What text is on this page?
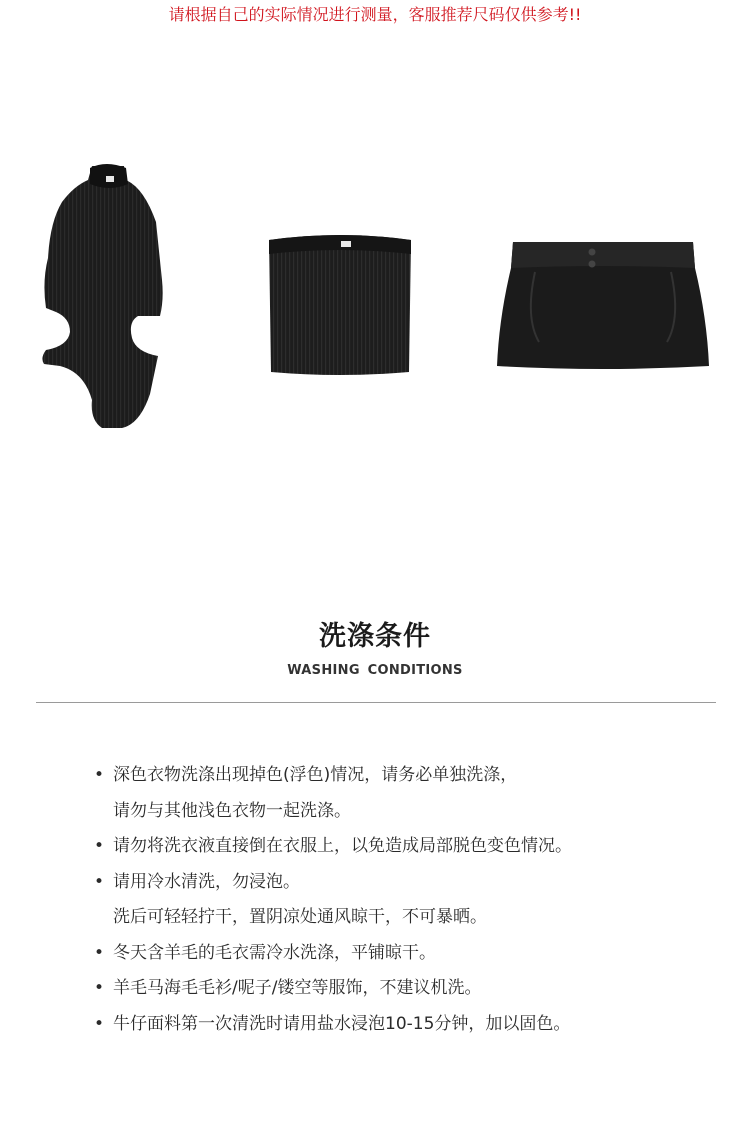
请根据自己的实际情况进行测量，客服推荐尺码仅供参考!!
洗涤条件
WASHING CONDITIONS
• 深色衣物洗涤出现掉色(浮色)情况，请务必单独洗涤，
请勿与其他浅色衣物一起洗涤。
• 请勿将洗衣液直接倒在衣服上，以免造成局部脱色变色情况。
• 请用冷水清洗，勿浸泡。
洗后可轻轻拧干，置阴凉处通风晾干，不可暴晒。
• 冬天含羊毛的毛衣需冷水洗涤，平铺晾干。
• 羊毛马海毛毛衫/呢子/镂空等服饰，不建议机洗。
• 牛仔面料第一次清洗时请用盐水浸泡10-15分钟，加以固色。
